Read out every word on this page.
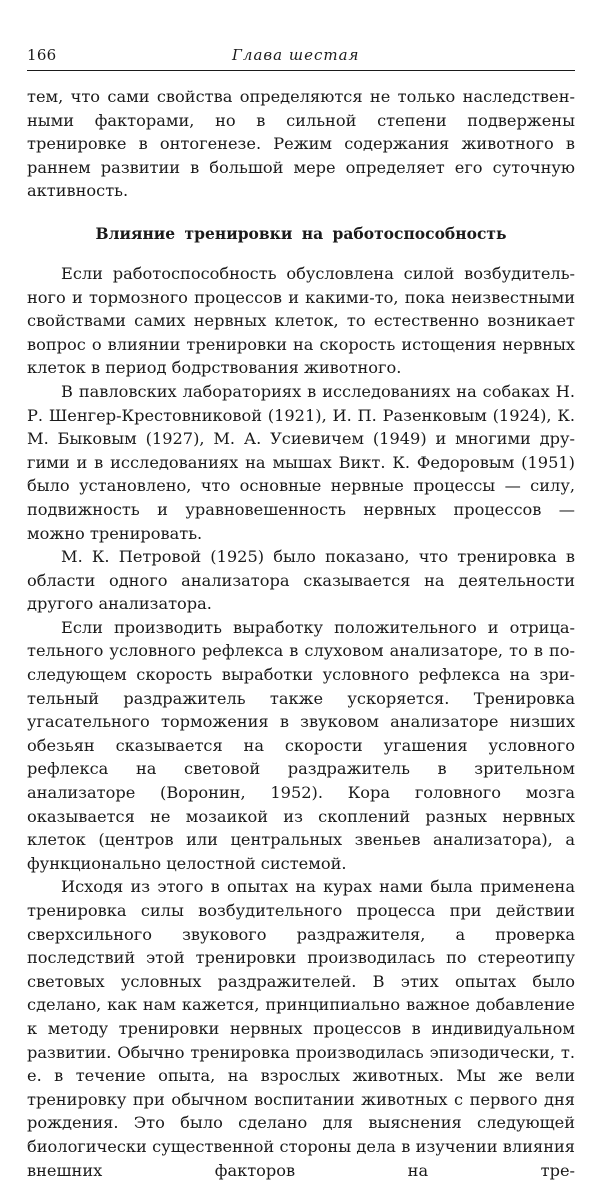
166	Глава шестая

тем, что сами свойства определяются не только наследственными факторами, но в сильной степени подвержены тренировке в онтогенезе. Режим содержания животного в раннем развитии в большой мере определяет его суточную активность.

Влияние тренировки на работоспособность

Если работоспособность обусловлена силой возбудительного и тормозного процессов и какими-то, пока неизвестными свойствами самих нервных клеток, то естественно возникает вопрос о влиянии тренировки на скорость истощения нервных клеток в период бодрствования животного.

В павловских лабораториях в исследованиях на собаках Н. Р. Шенгер-Крестовниковой (1921), И. П. Разенковым (1924), К. М. Быковым (1927), М. А. Усиевичем (1949) и многими другими и в исследованиях на мышах Викт. К. Федоровым (1951) было установлено, что основные нервные процессы — силу, подвижность и уравновешенность нервных процессов — можно тренировать.

М. К. Петровой (1925) было показано, что тренировка в области одного анализатора сказывается на деятельности другого анализатора.

Если производить выработку положительного и отрицательного условного рефлекса в слуховом анализаторе, то в последующем скорость выработки условного рефлекса на зрительный раздражитель также ускоряется. Тренировка угасательного торможения в звуковом анализаторе низших обезьян сказывается на скорости угашения условного рефлекса на световой раздражитель в зрительном анализаторе (Воронин, 1952). Кора головного мозга оказывается не мозаикой из скоплений разных нервных клеток (центров или центральных звеньев анализатора), а функционально целостной системой.

Исходя из этого в опытах на курах нами была применена тренировка силы возбудительного процесса при действии сверхсильного звукового раздражителя, а проверка последствий этой тренировки производилась по стереотипу световых условных раздражителей. В этих опытах было сделано, как нам кажется, принципиально важное добавление к методу тренировки нервных процессов в индивидуальном развитии. Обычно тренировка производилась эпизодически, т. е. в течение опыта, на взрослых животных. Мы же вели тренировку при обычном воспитании животных с первого дня рождения. Это было сделано для выяснения следующей биологически существенной стороны дела в изучении влияния внешних факторов на тре-
